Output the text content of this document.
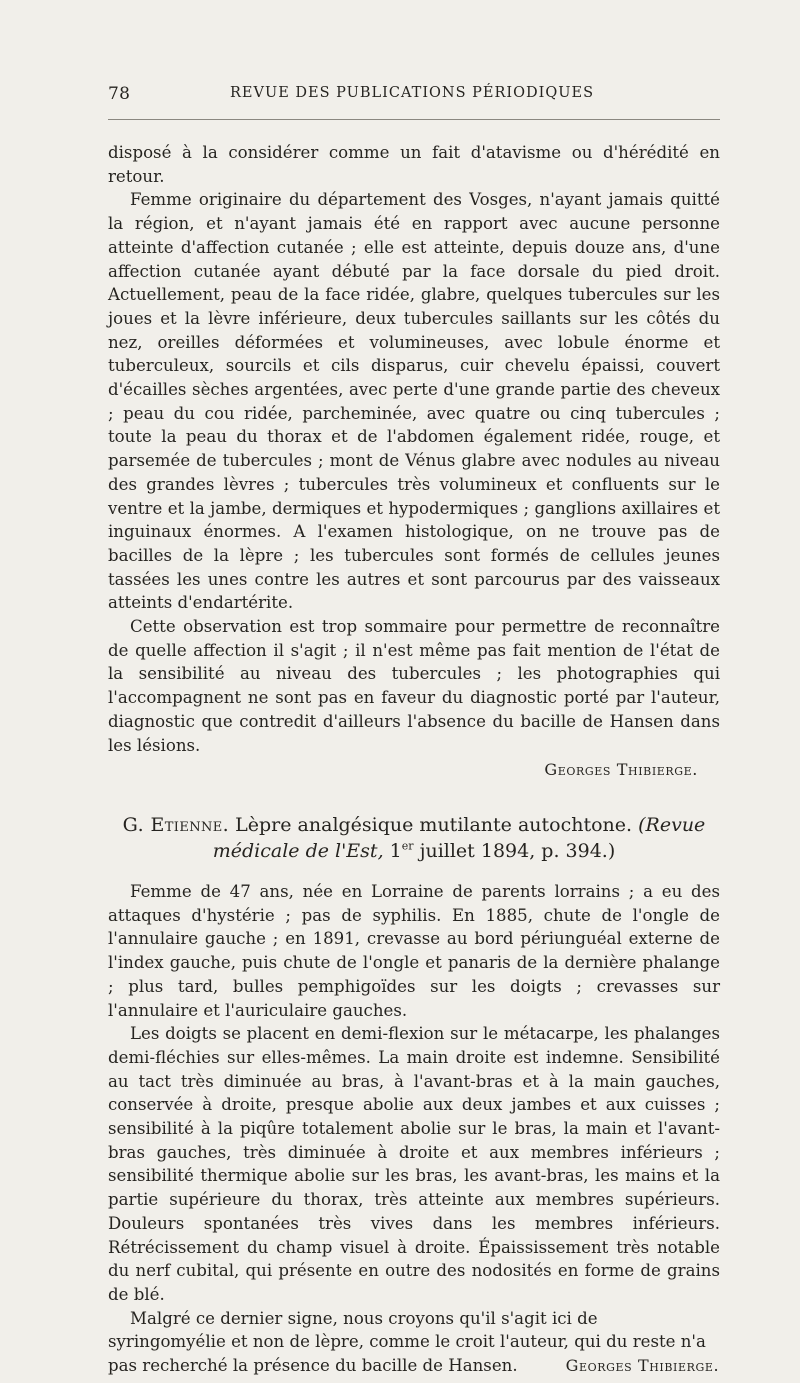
78	REVUE DES PUBLICATIONS PÉRIODIQUES

disposé à la considérer comme un fait d'atavisme ou d'hérédité en retour.

Femme originaire du département des Vosges, n'ayant jamais quitté la région, et n'ayant jamais été en rapport avec aucune personne atteinte d'affection cutanée ; elle est atteinte, depuis douze ans, d'une affection cutanée ayant débuté par la face dorsale du pied droit. Actuellement, peau de la face ridée, glabre, quelques tubercules sur les joues et la lèvre inférieure, deux tubercules saillants sur les côtés du nez, oreilles déformées et volumineuses, avec lobule énorme et tuberculeux, sourcils et cils disparus, cuir chevelu épaissi, couvert d'écailles sèches argentées, avec perte d'une grande partie des cheveux ; peau du cou ridée, parcheminée, avec quatre ou cinq tubercules ; toute la peau du thorax et de l'abdomen également ridée, rouge, et parsemée de tubercules ; mont de Vénus glabre avec nodules au niveau des grandes lèvres ; tubercules très volumineux et confluents sur le ventre et la jambe, dermiques et hypodermiques ; ganglions axillaires et inguinaux énormes. A l'examen histologique, on ne trouve pas de bacilles de la lèpre ; les tubercules sont formés de cellules jeunes tassées les unes contre les autres et sont parcourus par des vaisseaux atteints d'endartérite.

Cette observation est trop sommaire pour permettre de reconnaître de quelle affection il s'agit ; il n'est même pas fait mention de l'état de la sensibilité au niveau des tubercules ; les photographies qui l'accompagnent ne sont pas en faveur du diagnostic porté par l'auteur, diagnostic que contredit d'ailleurs l'absence du bacille de Hansen dans les lésions.

Georges Thibierge.
G. Etienne. Lèpre analgésique mutilante autochtone. (Revue médicale de l'Est, 1er juillet 1894, p. 394.)

Femme de 47 ans, née en Lorraine de parents lorrains ; a eu des attaques d'hystérie ; pas de syphilis. En 1885, chute de l'ongle de l'annulaire gauche ; en 1891, crevasse au bord périunguéal externe de l'index gauche, puis chute de l'ongle et panaris de la dernière phalange ; plus tard, bulles pemphigoïdes sur les doigts ; crevasses sur l'annulaire et l'auriculaire gauches.

Les doigts se placent en demi-flexion sur le métacarpe, les phalanges demi-fléchies sur elles-mêmes. La main droite est indemne. Sensibilité au tact très diminuée au bras, à l'avant-bras et à la main gauches, conservée à droite, presque abolie aux deux jambes et aux cuisses ; sensibilité à la piqûre totalement abolie sur le bras, la main et l'avant-bras gauches, très diminuée à droite et aux membres inférieurs ; sensibilité thermique abolie sur les bras, les avant-bras, les mains et la partie supérieure du thorax, très atteinte aux membres supérieurs. Douleurs spontanées très vives dans les membres inférieurs. Rétrécissement du champ visuel à droite. Épaississement très notable du nerf cubital, qui présente en outre des nodosités en forme de grains de blé.

Malgré ce dernier signe, nous croyons qu'il s'agit ici de syringomyélie et non de lèpre, comme le croit l'auteur, qui du reste n'a pas recherché la présence du bacille de Hansen.	Georges Thibierge.
